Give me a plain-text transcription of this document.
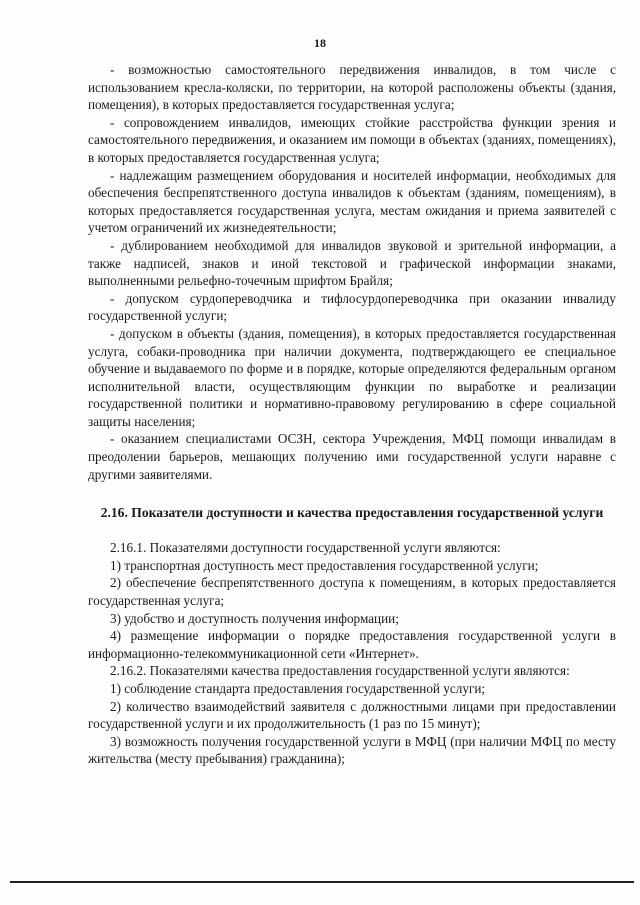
18

- возможностью самостоятельного передвижения инвалидов, в том числе с использованием кресла-коляски, по территории, на которой расположены объекты (здания, помещения), в которых предоставляется государственная услуга;

- сопровождением инвалидов, имеющих стойкие расстройства функции зрения и самостоятельного передвижения, и оказанием им помощи в объектах (зданиях, помещениях), в которых предоставляется государственная услуга;

- надлежащим размещением оборудования и носителей информации, необходимых для обеспечения беспрепятственного доступа инвалидов к объектам (зданиям, помещениям), в которых предоставляется государственная услуга, местам ожидания и приема заявителей с учетом ограничений их жизнедеятельности;

- дублированием необходимой для инвалидов звуковой и зрительной информации, а также надписей, знаков и иной текстовой и графической информации знаками, выполненными рельефно-точечным шрифтом Брайля;

- допуском сурдопереводчика и тифлосурдопереводчика при оказании инвалиду государственной услуги;

- допуском в объекты (здания, помещения), в которых предоставляется государственная услуга, собаки-проводника при наличии документа, подтверждающего ее специальное обучение и выдаваемого по форме и в порядке, которые определяются федеральным органом исполнительной власти, осуществляющим функции по выработке и реализации государственной политики и нормативно-правовому регулированию в сфере социальной защиты населения;

- оказанием специалистами ОСЗН, сектора Учреждения, МФЦ помощи инвалидам в преодолении барьеров, мешающих получению ими государственной услуги наравне с другими заявителями.

2.16. Показатели доступности и качества предоставления государственной услуги

2.16.1. Показателями доступности государственной услуги являются:

1) транспортная доступность мест предоставления государственной услуги;

2) обеспечение беспрепятственного доступа к помещениям, в которых предоставляется государственная услуга;

3) удобство и доступность получения информации;

4) размещение информации о порядке предоставления государственной услуги в информационно-телекоммуникационной сети «Интернет».

2.16.2. Показателями качества предоставления государственной услуги являются:

1) соблюдение стандарта предоставления государственной услуги;

2) количество взаимодействий заявителя с должностными лицами при предоставлении государственной услуги и их продолжительность (1 раз по 15 минут);

3) возможность получения государственной услуги в МФЦ (при наличии МФЦ по месту жительства (месту пребывания) гражданина);
